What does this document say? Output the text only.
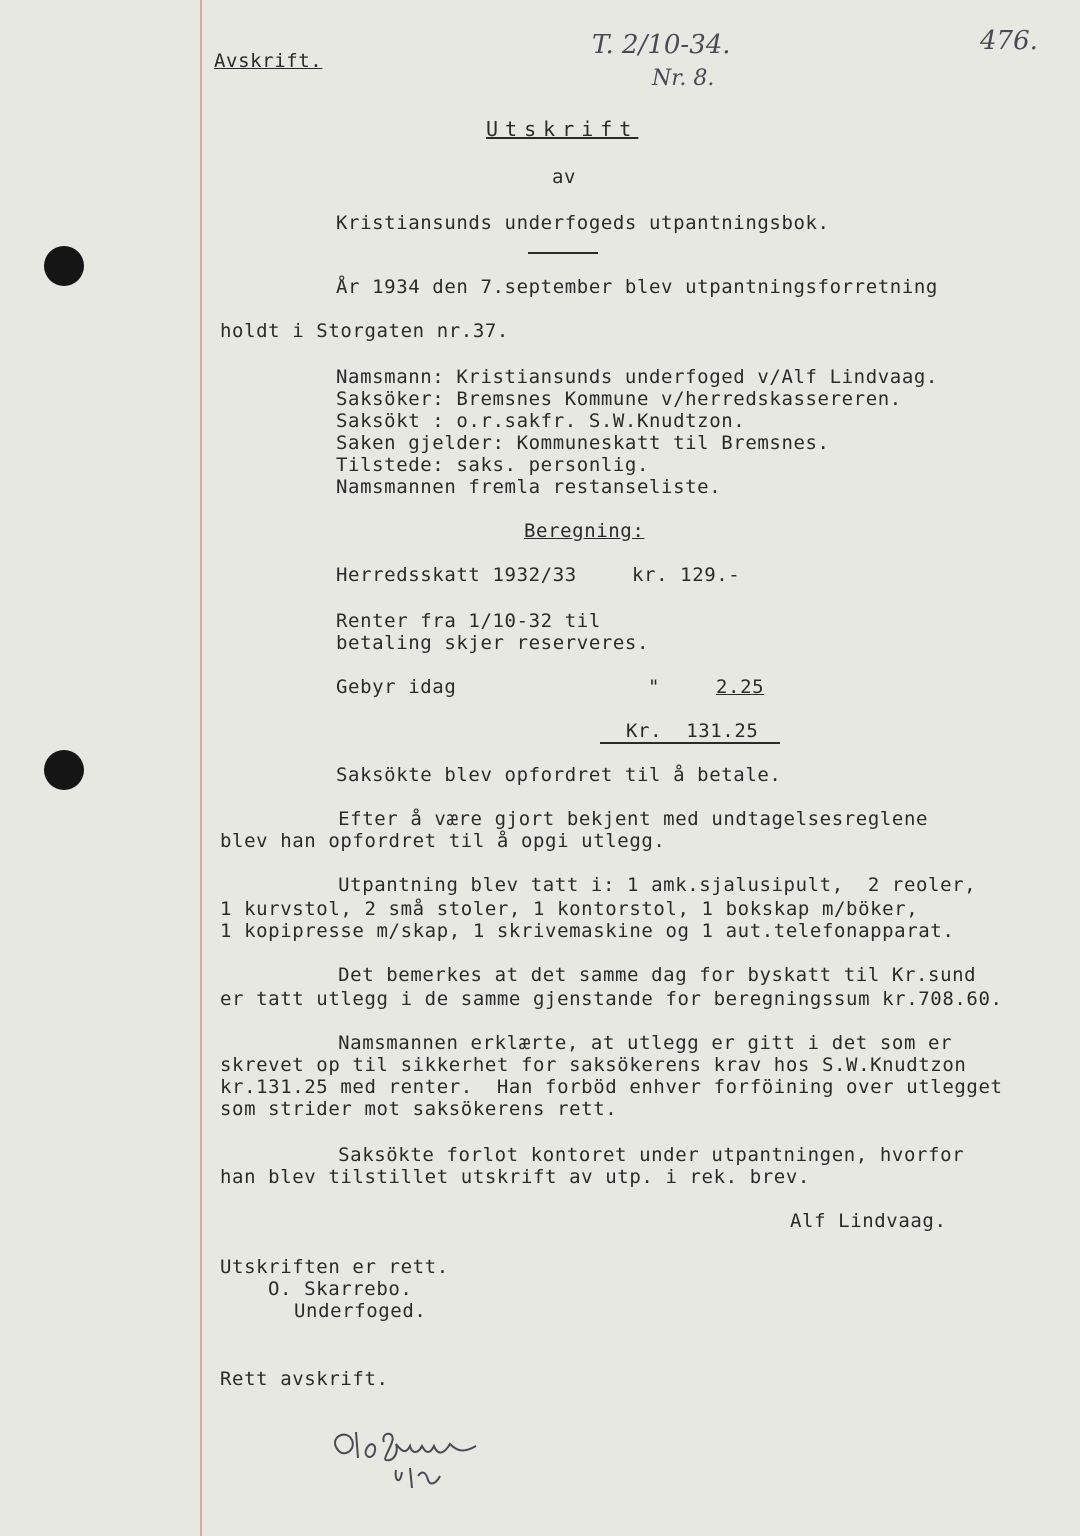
Avskrift.
T. 2/10-34.
Nr. 8.
476.
Utskrift
av
Kristiansunds underfogeds utpantningsbok.
År 1934 den 7.september blev utpantningsforretning
holdt i Storgaten nr.37.
Namsmann: Kristiansunds underfoged v/Alf Lindvaag.
Saksöker: Bremsnes Kommune v/herredskassereren.
Saksökt : o.r.sakfr. S.W.Knudtzon.
Saken gjelder: Kommuneskatt til Bremsnes.
Tilstede: saks. personlig.
Namsmannen fremla restanseliste.
Beregning:
Herredsskatt 1932/33	kr. 129.-
Renter fra 1/10-32 til
betaling skjer reserveres.
Gebyr idag	"	2.25
Kr.  131.25
Saksökte blev opfordret til å betale.
Efter å være gjort bekjent med undtagelsesreglene
blev han opfordret til å opgi utlegg.
Utpantning blev tatt i: 1 amk.sjalusipult,  2 reoler,
1 kurvstol, 2 små stoler, 1 kontorstol, 1 bokskap m/böker,
1 kopipresse m/skap, 1 skrivemaskine og 1 aut.telefonapparat.
Det bemerkes at det samme dag for byskatt til Kr.sund
er tatt utlegg i de samme gjenstande for beregningssum kr.708.60.
Namsmannen erklærte, at utlegg er gitt i det som er
skrevet op til sikkerhet for saksökerens krav hos S.W.Knudtzon
kr.131.25 med renter.  Han forböd enhver forföining over utlegget
som strider mot saksökerens rett.
Saksökte forlot kontoret under utpantningen, hvorfor
han blev tilstillet utskrift av utp. i rek. brev.
Alf Lindvaag.
Utskriften er rett.
O. Skarrebo.
Underfoged.
Rett avskrift.
